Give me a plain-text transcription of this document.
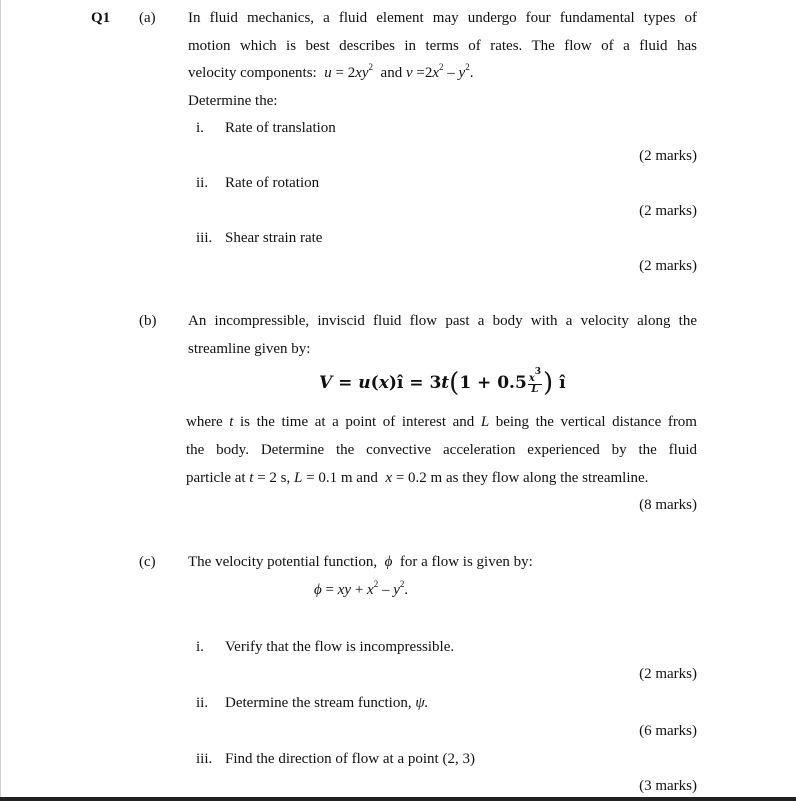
Q1 (a) In fluid mechanics, a fluid element may undergo four fundamental types of
motion which is best describes in terms of rates. The flow of a fluid has
velocity components: $u = 2xy^2$  and $v =2x^2 - y^2$.
Determine the:
i. Rate of translation
(2 marks)
ii. Rate of rotation
(2 marks)
iii. Shear strain rate
(2 marks)
(b) An incompressible, inviscid fluid flow past a body with a velocity along the
streamline given by:
V = u(x)î = $3t(1 + 0.5 \frac{x^3}{L}$ ) î
where t is the time at a point of interest and L being the vertical distance from
the body. Determine the convective acceleration experienced by the fluid
particle at t = 2 s, L = 0.1 m and  x = 0.2 m as they flow along the streamline.
(8 marks)
(c) The velocity potential function,  ϕ  for a flow is given by:
ϕ = xy + $x^2 - y^2$.
i. Verify that the flow is incompressible.
(2 marks)
ii. Determine the stream function, ψ.
(6 marks)
iii. Find the direction of flow at a point (2, 3)
(3 marks)
